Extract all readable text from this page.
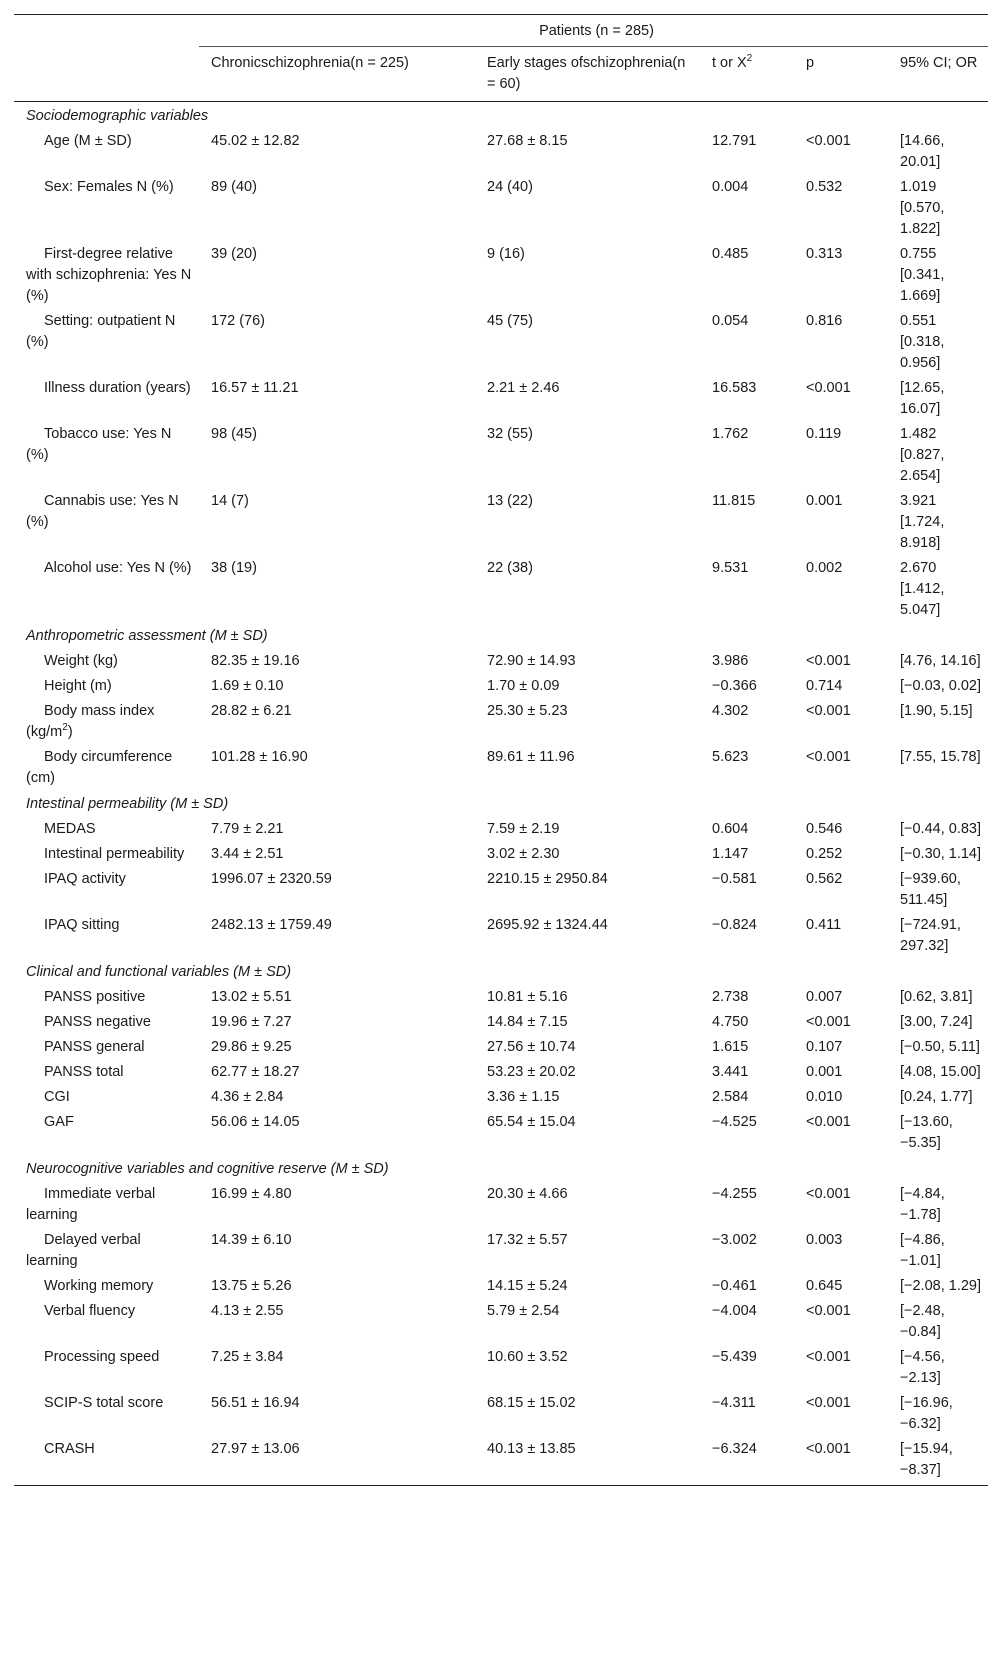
	Patients (n = 285)				
	Chronicschizophrenia(n = 225)	Early stages ofschizophrenia(n = 60)	t or $X^2$	p	95% CI; OR
Sociodemographic variables					
Age (M ± SD)	45.02 ± 12.82	27.68 ± 8.15	12.791	<0.001	[14.66, 20.01]
Sex: Females N (%)	89 (40)	24 (40)	0.004	0.532	1.019 [0.570, 1.822]
First-degree relative with schizophrenia: Yes N (%)	39 (20)	9 (16)	0.485	0.313	0.755 [0.341, 1.669]
Setting: outpatient N (%)	172 (76)	45 (75)	0.054	0.816	0.551 [0.318, 0.956]
Illness duration (years)	16.57 ± 11.21	2.21 ± 2.46	16.583	<0.001	[12.65, 16.07]
Tobacco use: Yes N (%)	98 (45)	32 (55)	1.762	0.119	1.482 [0.827, 2.654]
Cannabis use: Yes N (%)	14 (7)	13 (22)	11.815	0.001	3.921 [1.724, 8.918]
Alcohol use: Yes N (%)	38 (19)	22 (38)	9.531	0.002	2.670 [1.412, 5.047]
Anthropometric assessment (M ± SD)					
Weight (kg)	82.35 ± 19.16	72.90 ± 14.93	3.986	<0.001	[4.76, 14.16]
Height (m)	1.69 ± 0.10	1.70 ± 0.09	−0.366	0.714	[−0.03, 0.02]
Body mass index $(kg/m^2)$	28.82 ± 6.21	25.30 ± 5.23	4.302	<0.001	[1.90, 5.15]
Body circumference (cm)	101.28 ± 16.90	89.61 ± 11.96	5.623	<0.001	[7.55, 15.78]
Intestinal permeability (M ± SD)					
MEDAS	7.79 ± 2.21	7.59 ± 2.19	0.604	0.546	[−0.44, 0.83]
Intestinal permeability	3.44 ± 2.51	3.02 ± 2.30	1.147	0.252	[−0.30, 1.14]
IPAQ activity	1996.07 ± 2320.59	2210.15 ± 2950.84	−0.581	0.562	[−939.60, 511.45]
IPAQ sitting	2482.13 ± 1759.49	2695.92 ± 1324.44	−0.824	0.411	[−724.91, 297.32]
Clinical and functional variables (M ± SD)					
PANSS positive	13.02 ± 5.51	10.81 ± 5.16	2.738	0.007	[0.62, 3.81]
PANSS negative	19.96 ± 7.27	14.84 ± 7.15	4.750	<0.001	[3.00, 7.24]
PANSS general	29.86 ± 9.25	27.56 ± 10.74	1.615	0.107	[−0.50, 5.11]
PANSS total	62.77 ± 18.27	53.23 ± 20.02	3.441	0.001	[4.08, 15.00]
CGI	4.36 ± 2.84	3.36 ± 1.15	2.584	0.010	[0.24, 1.77]
GAF	56.06 ± 14.05	65.54 ± 15.04	−4.525	<0.001	[−13.60, −5.35]
Neurocognitive variables and cognitive reserve (M ± SD)					
Immediate verbal learning	16.99 ± 4.80	20.30 ± 4.66	−4.255	<0.001	[−4.84, −1.78]
Delayed verbal learning	14.39 ± 6.10	17.32 ± 5.57	−3.002	0.003	[−4.86, −1.01]
Working memory	13.75 ± 5.26	14.15 ± 5.24	−0.461	0.645	[−2.08, 1.29]
Verbal fluency	4.13 ± 2.55	5.79 ± 2.54	−4.004	<0.001	[−2.48, −0.84]
Processing speed	7.25 ± 3.84	10.60 ± 3.52	−5.439	<0.001	[−4.56, −2.13]
SCIP-S total score	56.51 ± 16.94	68.15 ± 15.02	−4.311	<0.001	[−16.96, −6.32]
CRASH	27.97 ± 13.06	40.13 ± 13.85	−6.324	<0.001	[−15.94, −8.37]
